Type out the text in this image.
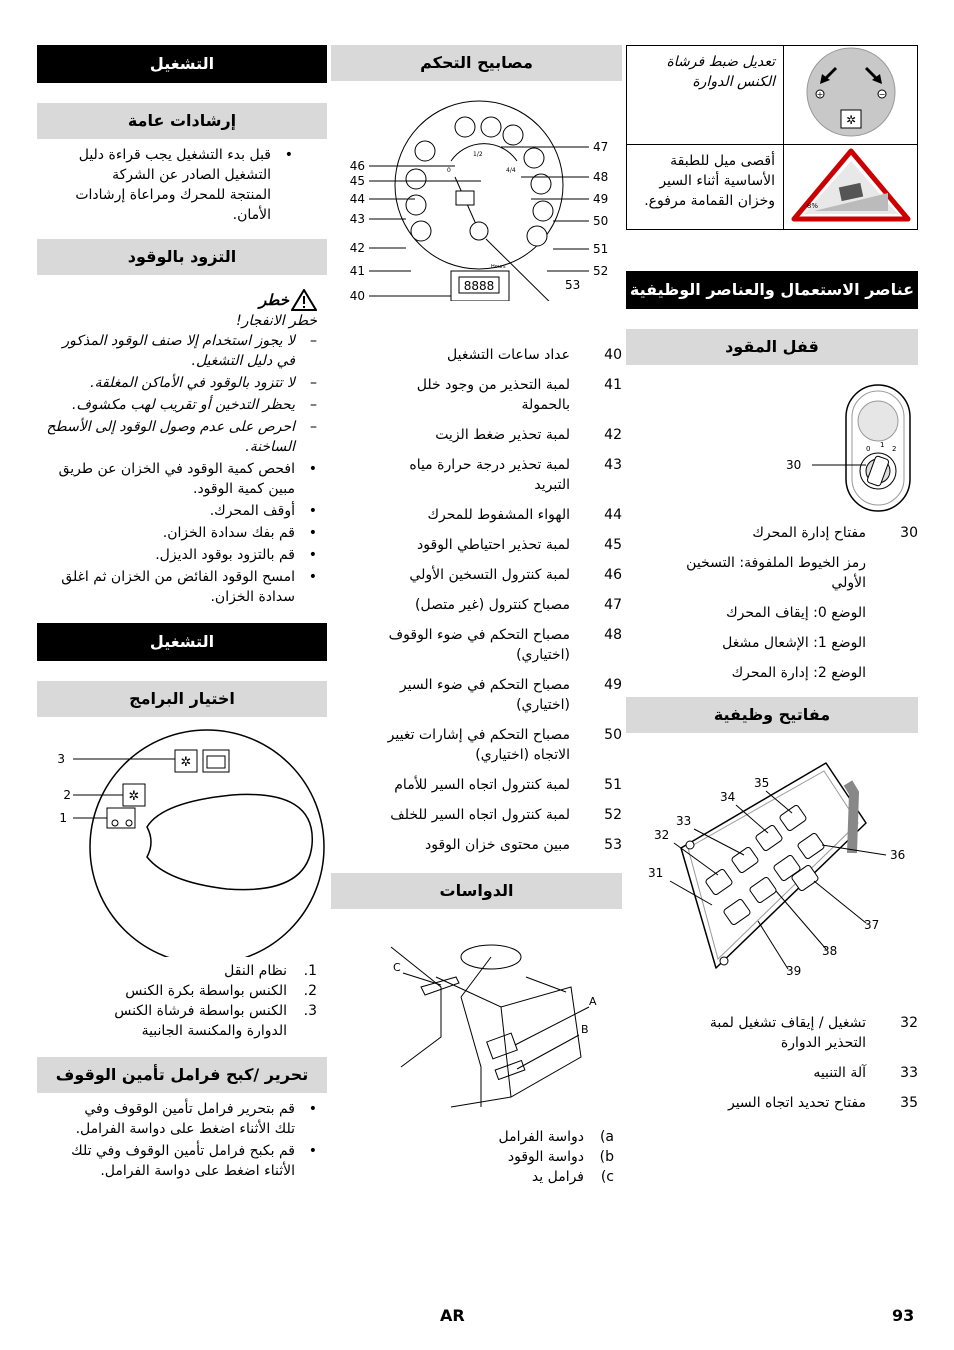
التشغيل
إرشادات عامة
• قبل بدء التشغيل يجب قراءة دليل التشغيل الصادر عن الشركة المنتجة للمحرك ومراعاة إرشادات الأمان.
التزود بالوقود
خطر
خطر الانفجار!
– لا يجوز استخدام إلا صنف الوقود المذكور في دليل التشغيل.
– لا تتزود بالوقود في الأماكن المغلقة.
– يحظر التدخين أو تقريب لهب مكشوف.
– احرص على عدم وصول الوقود إلى الأسطح الساخنة.
• افحص كمية الوقود في الخزان عن طريق مبين كمية الوقود.
• أوقف المحرك.
• قم بفك سدادة الخزان.
• قم بالتزود بوقود الديزل.
• امسح الوقود الفائض من الخزان ثم اغلق سدادة الخزان.
التشغيل
اختيار البرامج
✲
✲
3
2
1
1.
نظام النقل
2.
الكنس بواسطة بكرة الكنس
3.
الكنس بواسطة فرشاة الكنس الدوارة والمكنسة الجانبية
تحرير /كبح فرامل تأمين الوقوف
• قم بتحرير فرامل تأمين الوقوف وفي تلك الأثناء اضغط على دواسة الفرامل.
• قم بكبح فرامل تأمين الوقوف وفي تلك الأثناء اضغط على دواسة الفرامل.
مصابيح التحكم
0
1/2
4/4
Hours
8888
46
45
44
43
42
41
40
47
48
49
50
51
52
53
40
عداد ساعات التشغيل
41
لمبة التحذير من وجود خلل بالحمولة
42
لمبة تحذير ضغط الزيت
43
لمبة تحذير درجة حرارة مياه التبريد
44
الهواء المشفوط للمحرك
45
لمبة تحذير احتياطي الوقود
46
لمبة كنترول التسخين الأولي
47
مصباح كنترول (غير متصل)
48
مصباح التحكم في ضوء الوقوف (اختياري)
49
مصباح التحكم في ضوء السير (اختياري)
50
مصباح التحكم في إشارات تغيير الاتجاه (اختياري)
51
لمبة كنترول اتجاه السير للأمام
52
لمبة كنترول اتجاه السير للخلف
53
مبين محتوى خزان الوقود
الدواسات
C
A
B
a)
دواسة الفرامل
b)
دواسة الوقود
c)
فرامل يد
+ −
✲	تعديل ضبط فرشاة الكنس الدوارة

8%	أقصى ميل للطبقة الأساسية أثناء السير وخزان القمامة مرفوع.
عناصر الاستعمال والعناصر الوظيفية
قفل المقود
0 1 2
30
30
مفتاح إدارة المحرك
رمز الخيوط الملفوفة: التسخين الأولي
الوضع 0: إيقاف المحرك
الوضع 1: الإشعال مشغل
الوضع 2: إدارة المحرك
مفاتيح وظيفية
35
34
33
32
31
36
37
38
39
32
تشغيل / إيقاف تشغيل لمبة التحذير الدوارة
33
آلة التنبيه
35
مفتاح تحديد اتجاه السير
AR	93
